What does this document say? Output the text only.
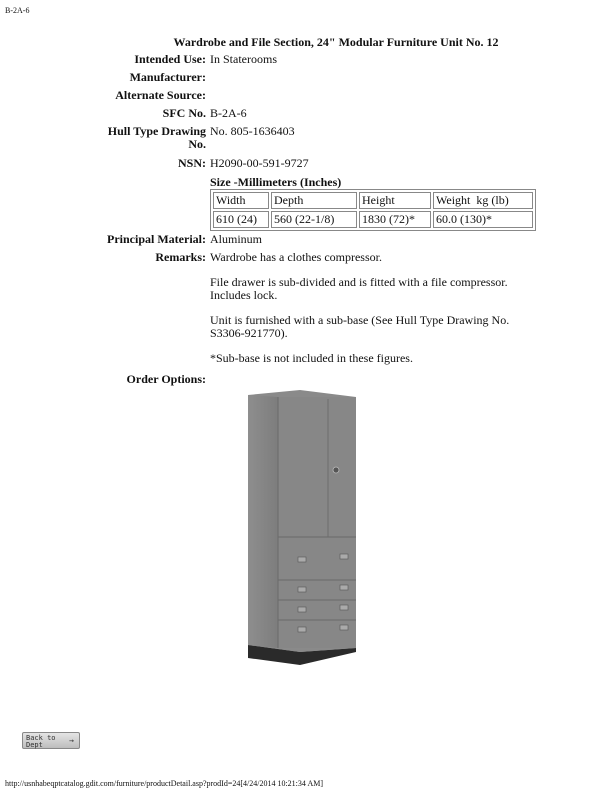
B-2A-6
Wardrobe and File Section, 24" Modular Furniture Unit No. 12
Intended Use: In Staterooms
Manufacturer:
Alternate Source:
SFC No. B-2A-6
Hull Type Drawing
No.
No. 805-1636403
NSN: H2090-00-591-9727
Size -Millimeters (Inches)
Width	Depth	Height	Weight  kg (lb)
610 (24)	560 (22-1/8)	1830 (72)*	60.0 (130)*
Principal Material: Aluminum
Remarks: Wardrobe has a clothes compressor.

File drawer is sub-divided and is fitted with a file compressor. Includes lock.

Unit is furnished with a sub-base (See Hull Type Drawing No. S3306-921770).

*Sub-base is not included in these figures.

Order Options:
Back to
Dept	→
http://usnhabeqptcatalog.gdit.com/furniture/productDetail.asp?prodId=24[4/24/2014 10:21:34 AM]
